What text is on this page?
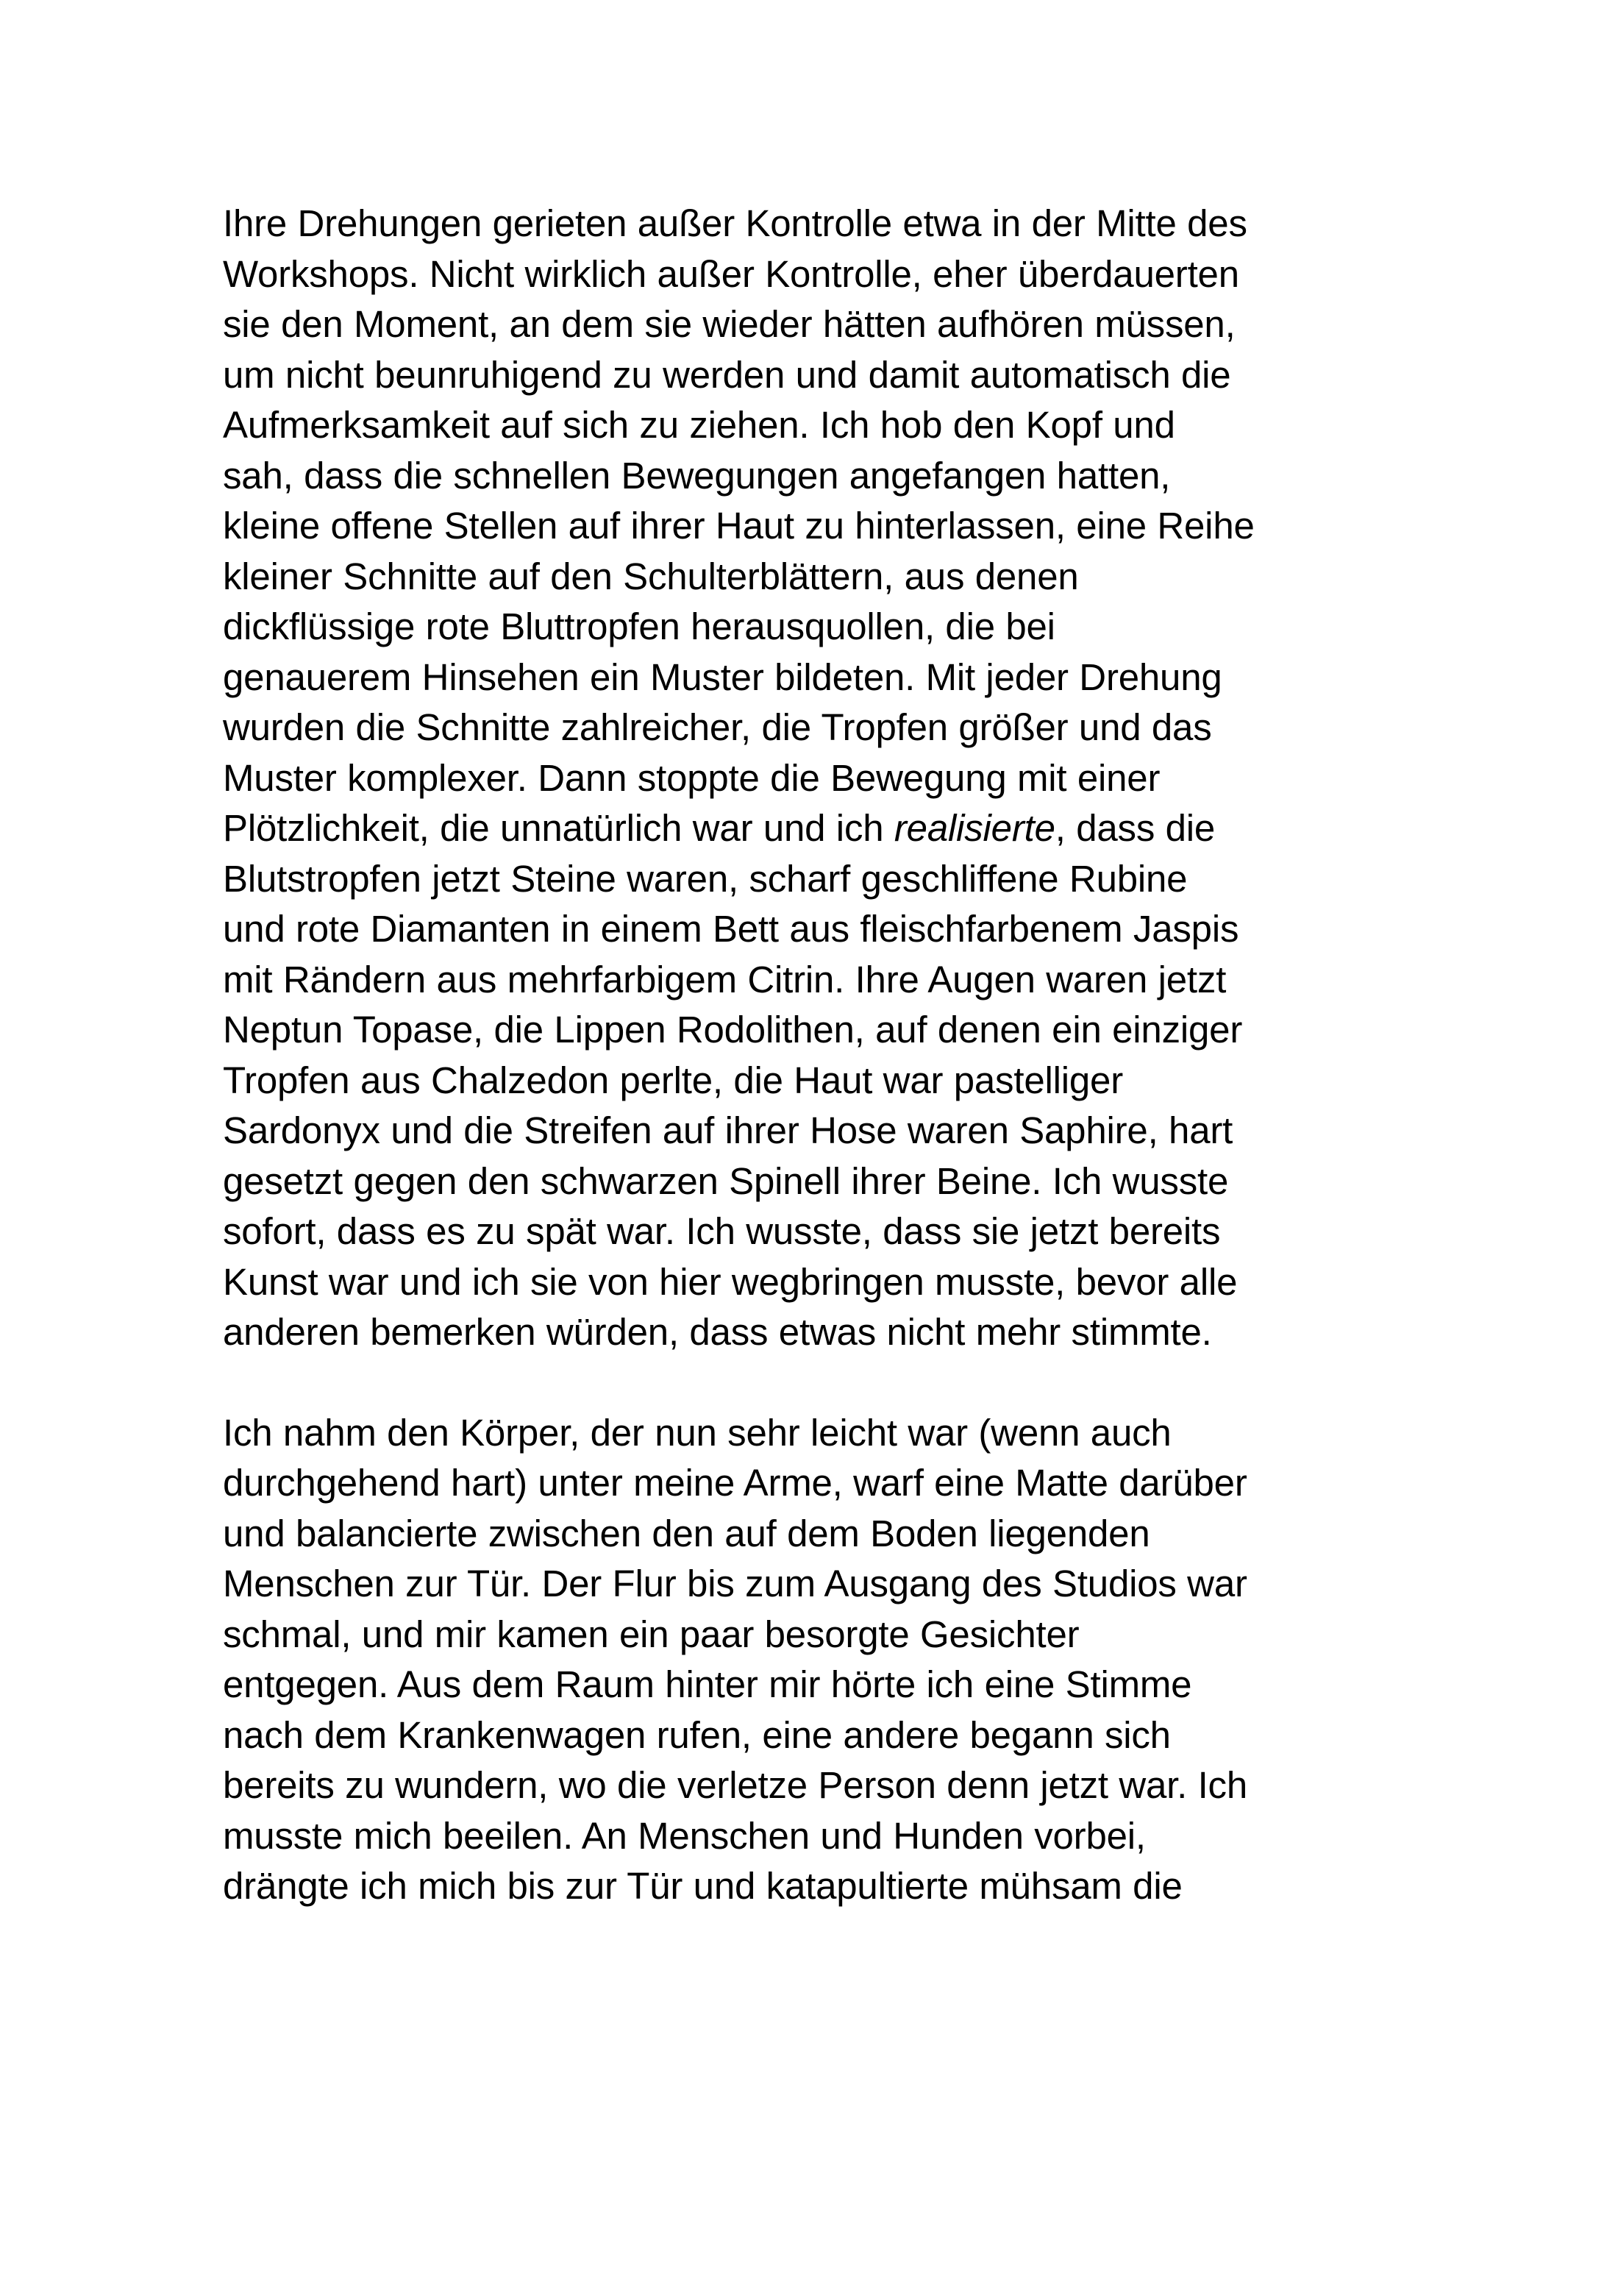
Ihre Drehungen gerieten außer Kontrolle etwa in der Mitte des
Workshops. Nicht wirklich außer Kontrolle, eher überdauerten
sie den Moment, an dem sie wieder hätten aufhören müssen,
um nicht beunruhigend zu werden und damit automatisch die
Aufmerksamkeit auf sich zu ziehen. Ich hob den Kopf und
sah, dass die schnellen Bewegungen angefangen hatten,
kleine offene Stellen auf ihrer Haut zu hinterlassen, eine Reihe
kleiner Schnitte auf den Schulterblättern, aus denen
dickflüssige rote Bluttropfen herausquollen, die bei
genauerem Hinsehen ein Muster bildeten. Mit jeder Drehung
wurden die Schnitte zahlreicher, die Tropfen größer und das
Muster komplexer. Dann stoppte die Bewegung mit einer
Plötzlichkeit, die unnatürlich war und ich realisierte, dass die
Blutstropfen jetzt Steine waren, scharf geschliffene Rubine
und rote Diamanten in einem Bett aus fleischfarbenem Jaspis
mit Rändern aus mehrfarbigem Citrin. Ihre Augen waren jetzt
Neptun Topase, die Lippen Rodolithen, auf denen ein einziger
Tropfen aus Chalzedon perlte, die Haut war pastelliger
Sardonyx und die Streifen auf ihrer Hose waren Saphire, hart
gesetzt gegen den schwarzen Spinell ihrer Beine. Ich wusste
sofort, dass es zu spät war. Ich wusste, dass sie jetzt bereits
Kunst war und ich sie von hier wegbringen musste, bevor alle
anderen bemerken würden, dass etwas nicht mehr stimmte.

Ich nahm den Körper, der nun sehr leicht war (wenn auch
durchgehend hart) unter meine Arme, warf eine Matte darüber
und balancierte zwischen den auf dem Boden liegenden
Menschen zur Tür. Der Flur bis zum Ausgang des Studios war
schmal, und mir kamen ein paar besorgte Gesichter
entgegen. Aus dem Raum hinter mir hörte ich eine Stimme
nach dem Krankenwagen rufen, eine andere begann sich
bereits zu wundern, wo die verletze Person denn jetzt war. Ich
musste mich beeilen. An Menschen und Hunden vorbei,
drängte ich mich bis zur Tür und katapultierte mühsam die
